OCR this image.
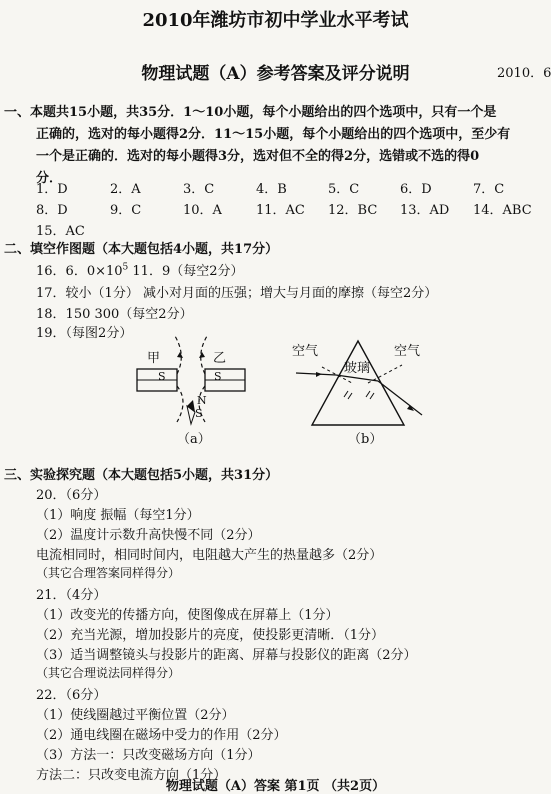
2010年潍坊市初中学业水平考试
物理试题（A）参考答案及评分说明	2010．6
一、本题共15小题，共35分．1～10小题，每个小题给出的四个选项中，只有一个是
正确的，选对的每小题得2分．11～15小题，每个小题给出的四个选项中，至少有
一个是正确的．选对的每小题得3分，选对但不全的得2分，选错或不选的得0
分．
1．D	2．A	3．C	4．B	5．C	6．D	7．C
8．D	9．C	10．A	11．AC 12．BC 13．AD 14．ABC
15．AC
二、填空作图题（本大题包括4小题，共17分）
16．6．$0\times 10^5$ 11．9（每空2分）
17．较小（1分） 减小对月面的压强；增大与月面的摩擦（每空2分）
18．150 300（每空2分）
19．（每图2分）
甲	乙
S	S
N
S
（a）
空气	空气
玻璃
（b）
三、实验探究题（本大题包括5小题，共31分）
20．（6分）
（1）响度 振幅（每空1分）
（2）温度计示数升高快慢不同（2分）
电流相同时，相同时间内，电阻越大产生的热量越多（2分）
（其它合理答案同样得分）
21．（4分）
（1）改变光的传播方向，使图像成在屏幕上（1分）
（2）充当光源，增加投影片的亮度，使投影更清晰．（1分）
（3）适当调整镜头与投影片的距离、屏幕与投影仪的距离（2分）
（其它合理说法同样得分）
22．（6分）
（1）使线圈越过平衡位置（2分）
（2）通电线圈在磁场中受力的作用（2分）
（3）方法一：只改变磁场方向（1分）
物理试题（A）答案 第1页 （共2页）
方法二：只改变电流方向（1分）
